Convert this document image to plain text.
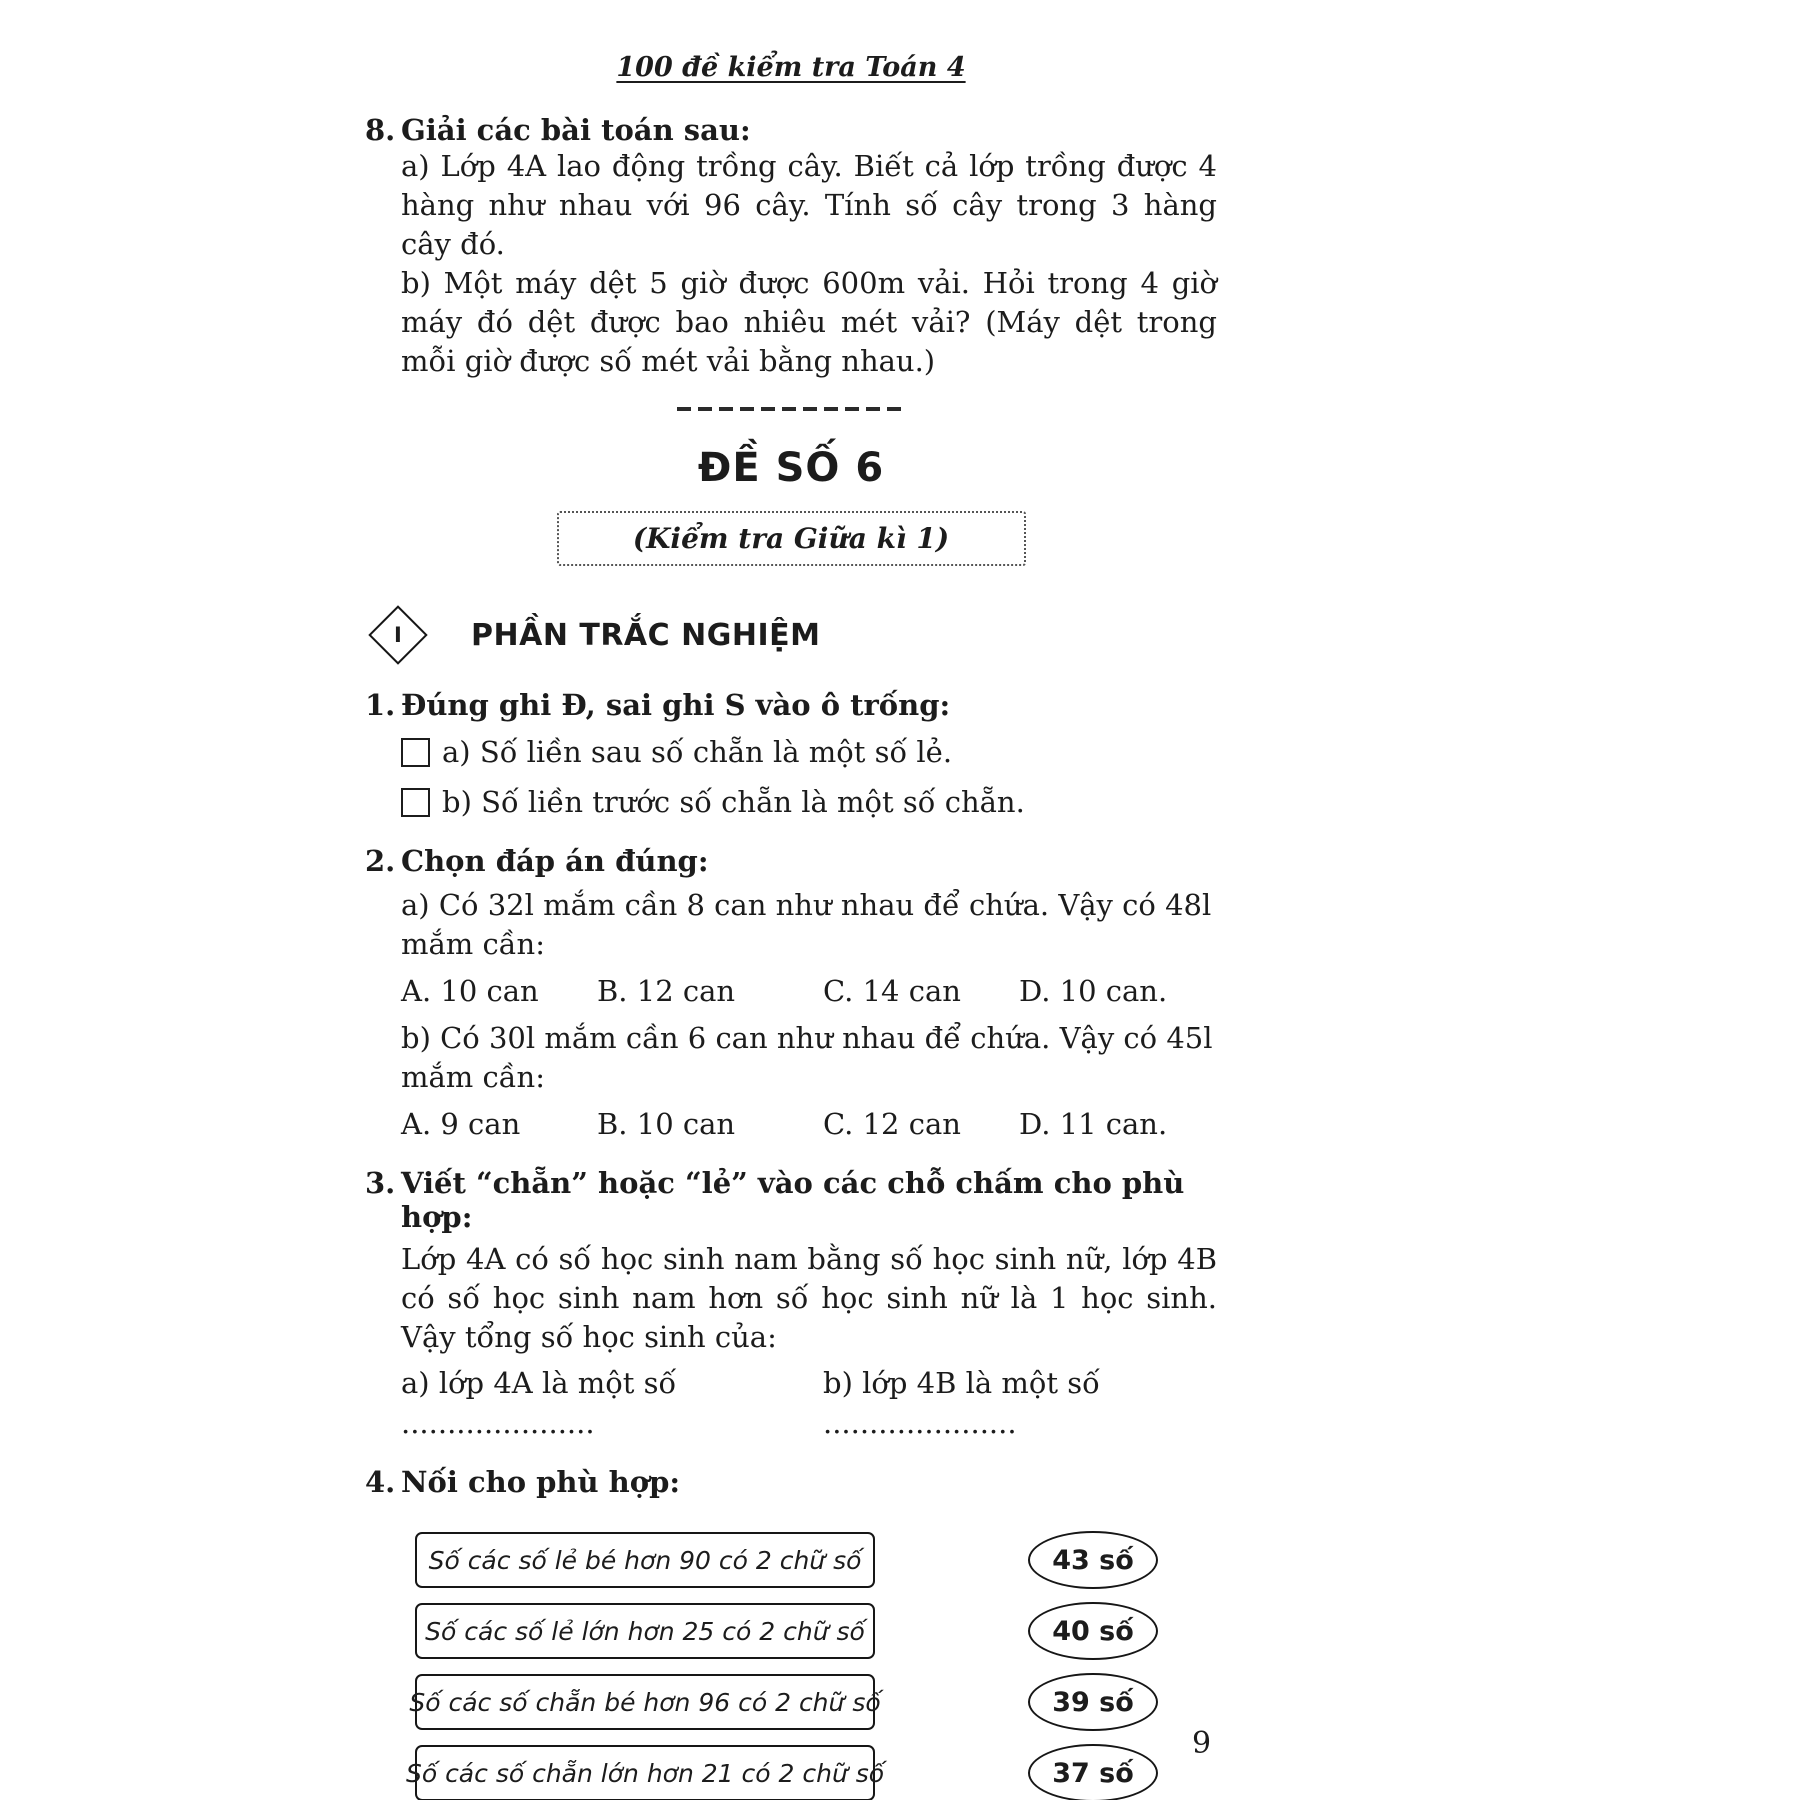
100 đề kiểm tra Toán 4
8. Giải các bài toán sau:

a) Lớp 4A lao động trồng cây. Biết cả lớp trồng được 4 hàng như nhau với 96 cây. Tính số cây trong 3 hàng cây đó.

b) Một máy dệt 5 giờ được 600m vải. Hỏi trong 4 giờ máy đó dệt được bao nhiêu mét vải? (Máy dệt trong mỗi giờ được số mét vải bằng nhau.)

ĐỀ SỐ 6
(Kiểm tra Giữa kì 1)
I PHẦN TRẮC NGHIỆM
1. Đúng ghi Đ, sai ghi S vào ô trống:
a) Số liền sau số chẵn là một số lẻ.
b) Số liền trước số chẵn là một số chẵn.
2. Chọn đáp án đúng:
a) Có 32l mắm cần 8 can như nhau để chứa. Vậy có 48l mắm cần:
A. 10 can	B. 12 can	C. 14 can	D. 10 can.
b) Có 30l mắm cần 6 can như nhau để chứa. Vậy có 45l mắm cần:
A. 9 can	B. 10 can	C. 12 can	D. 11 can.
3. Viết “chẵn” hoặc “lẻ” vào các chỗ chấm cho phù hợp:

Lớp 4A có số học sinh nam bằng số học sinh nữ, lớp 4B có số học sinh nam hơn số học sinh nữ là 1 học sinh. Vậy tổng số học sinh của:

a) lớp 4A là một số .....................
b) lớp 4B là một số .....................
4. Nối cho phù hợp:
Số các số lẻ bé hơn 90 có 2 chữ số	43 số
Số các số lẻ lớn hơn 25 có 2 chữ số	40 số
Số các số chẵn bé hơn 96 có 2 chữ số	39 số
Số các số chẵn lớn hơn 21 có 2 chữ số	37 số
9
